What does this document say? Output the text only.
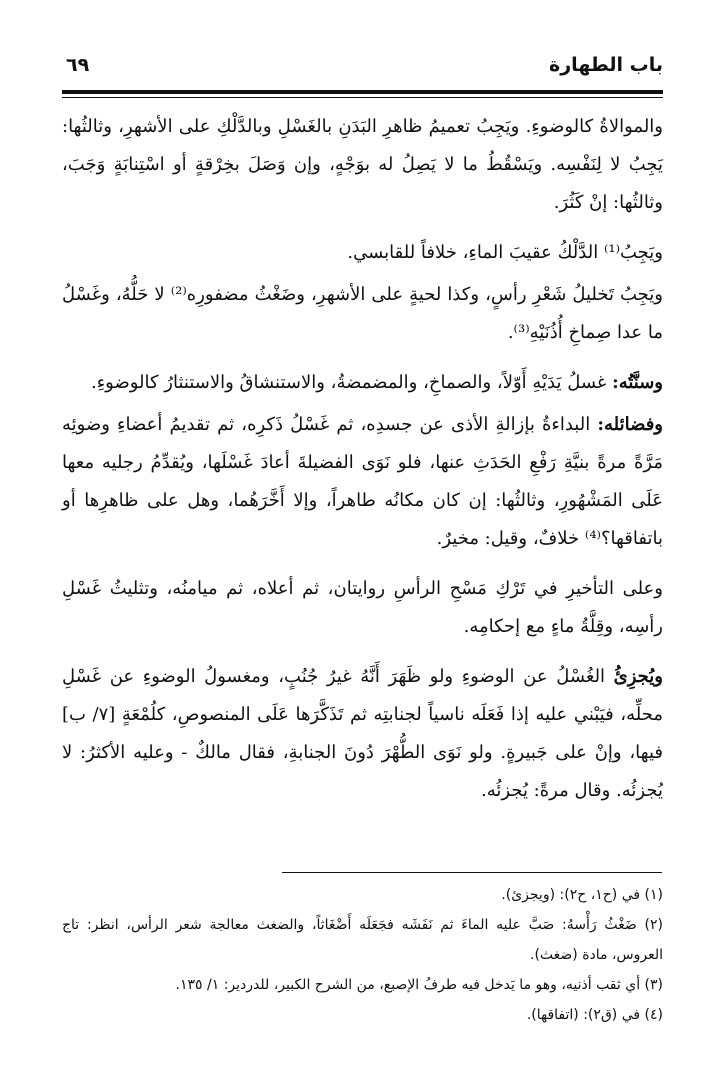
باب الطهارة
٦٩

والموالاةُ كالوضوءِ. ويَجِبُ تعميمُ ظاهرِ البَدَنِ بالغَسْلِ وبالدَّلْكِ على الأشهرِ، وثالثُها: يَجِبُ لا لِنَفْسِه. ويَسْقُطُ ما لا يَصِلُ له بوَجْهٍ، وإن وَصَلَ بخِرْقةٍ أو اسْتِنابَةٍ وَجَبَ، وثالثُها: إنْ كَثُرَ.

ويَجِبُ⁽¹⁾ الدَّلْكُ عقيبَ الماءِ، خلافاً للقابسي.

ويَجِبُ تَخليلُ شَعْرِ رأسٍ، وكذا لحيةٍ على الأشهرِ، وضَغْثُ مضفورِه⁽²⁾ لا حَلُّهُ، وغَسْلُ ما عدا صِماخِ أُذُنَيْهِ⁽³⁾.

وسنَّتُه: غسلُ يَدَيْهِ أَوّلاً، والصماخِ، والمضمضةُ، والاستنشاقُ والاستنثارُ كالوضوءِ.

وفضائله: البداءةُ بإزالةِ الأذى عن جسدِه، ثم غَسْلُ ذَكرِه، ثم تقديمُ أعضاءِ وضوئِه مَرَّةً مرةً بنيَّةِ رَفْعِ الحَدَثِ عنها، فلو نَوَى الفضيلةَ أعادَ غَسْلَها، ويُقدِّمُ رجليه معها عَلَى المَشْهُورِ، وثالثُها: إن كان مكانُه طاهراً، وإلا أَخَّرَهُما، وهل على ظاهرِها أو باتفاقها؟⁽⁴⁾ خلافٌ، وقيل: مخيرٌ.

وعلى التأخيرِ في تَرْكِ مَسْحِ الرأسِ روايتان، ثم أعلاه، ثم ميامنُه، وتثليثُ غَسْلِ رأسِه، وقِلَّةُ ماءٍ مع إحكامِه.

ويُجزِئُ الغُسْلُ عن الوضوءِ ولو ظَهَرَ أَنَّهُ غيرُ جُنُبٍ، ومغسولُ الوضوءِ عن غَسْلِ محلِّه، فيَبْني عليه إذا فَعَلَه ناسياً لجنابتِه ثم تَذَكَّرَها عَلَى المنصوصِ، كلُمْعَةٍ [٧/ ب] فيها، وإنْ على جَبيرةٍ. ولو نَوَى الطُّهْرَ دُونَ الجنابةِ، فقال مالكٌ - وعليه الأكثرُ: لا يُجزئُه. وقال مرةً: يُجزئُه.

(١) في (ح١، ح٢): (ويجزئ).

(٢) ضَغْثُ رَأْسهُ: صَبَّ عليه الماءَ ثم نَفَشَه فجَعَلَه أَضْغَاثاً، والضغث معالجة شعر الرأس، انظر: تاج العروس، مادة (ضغث).

(٣) أي ثقب أذنيه، وهو ما يَدخل فيه طرفُ الإصبع، من الشرح الكبير، للدردير: ١/ ١٣٥.

(٤) في (ق٢): (اتفاقها).
